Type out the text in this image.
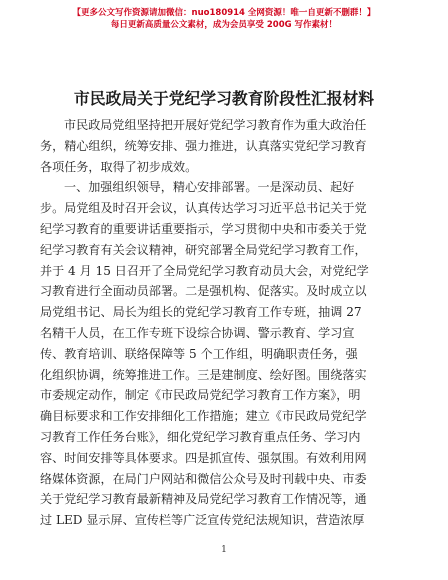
【更多公文写作资源请加微信：nuo180914 全网资源！唯一自更新不删群！】
每日更新高质量公文素材，成为会员享受 200G 写作素材！
市民政局关于党纪学习教育阶段性汇报材料
市民政局党组坚持把开展好党纪学习教育作为重大政治任
务，精心组织，统筹安排、强力推进，认真落实党纪学习教育
各项任务，取得了初步成效。
一、加强组织领导，精心安排部署。一是深动员、起好
步。局党组及时召开会议，认真传达学习习近平总书记关于党
纪学习教育的重要讲话重要指示，学习贯彻中央和市委关于党
纪学习教育有关会议精神，研究部署全局党纪学习教育工作，
并于 4 月 15 日召开了全局党纪学习教育动员大会，对党纪学
习教育进行全面动员部署。二是强机构、促落实。及时成立以
局党组书记、局长为组长的党纪学习教育工作专班，抽调 27
名精干人员，在工作专班下设综合协调、警示教育、学习宣
传、教育培训、联络保障等 5 个工作组，明确职责任务，强
化组织协调，统筹推进工作。三是建制度、绘好图。围绕落实
市委规定动作，制定《市民政局党纪学习教育工作方案》，明
确目标要求和工作安排细化工作措施；建立《市民政局党纪学
习教育工作任务台账》，细化党纪学习教育重点任务、学习内
容、时间安排等具体要求。四是抓宣传、强氛围。有效利用网
络媒体资源，在局门户网站和微信公众号及时刊载中央、市委
关于党纪学习教育最新精神及局党纪学习教育工作情况等，通
过 LED 显示屏、宣传栏等广泛宣传党纪法规知识，营造浓厚
1
